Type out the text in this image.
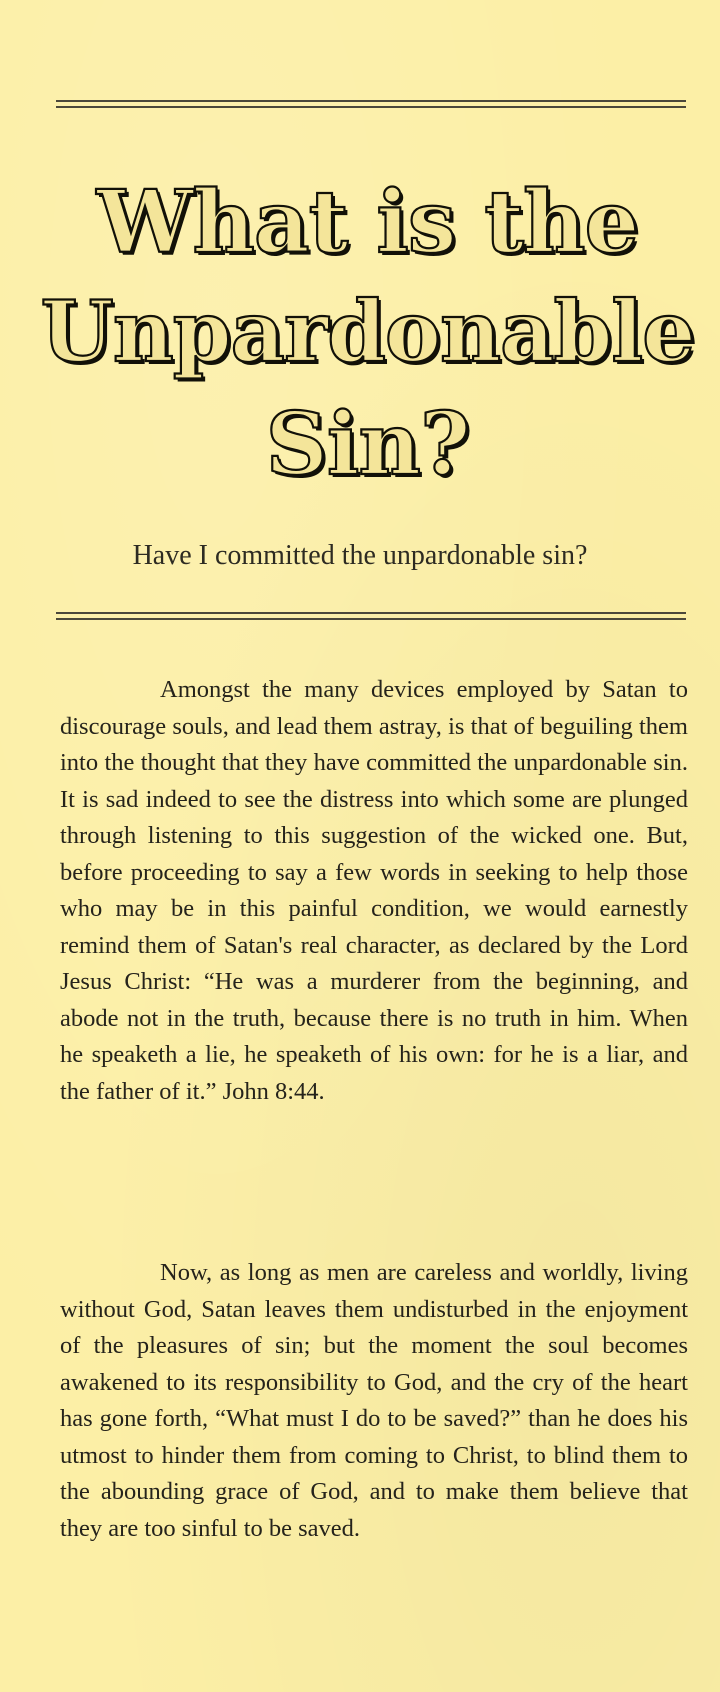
What is the
Unpardonable
Sin?

Have I committed the unpardonable sin?

Amongst the many devices employed by Satan to discourage souls, and lead them astray, is that of beguiling them into the thought that they have committed the unpardonable sin. It is sad indeed to see the distress into which some are plunged through listening to this suggestion of the wicked one. But, before proceeding to say a few words in seeking to help those who may be in this painful condition, we would earnestly remind them of Satan's real character, as declared by the Lord Jesus Christ: “He was a murderer from the beginning, and abode not in the truth, because there is no truth in him. When he speaketh a lie, he speaketh of his own: for he is a liar, and the father of it.” John 8:44.

Now, as long as men are careless and worldly, living without God, Satan leaves them undisturbed in the enjoyment of the pleasures of sin; but the moment the soul becomes awakened to its responsibility to God, and the cry of the heart has gone forth, “What must I do to be saved?” than he does his utmost to hinder them from coming to Christ, to blind them to the abounding grace of God, and to make them believe that they are too sinful to be saved.
